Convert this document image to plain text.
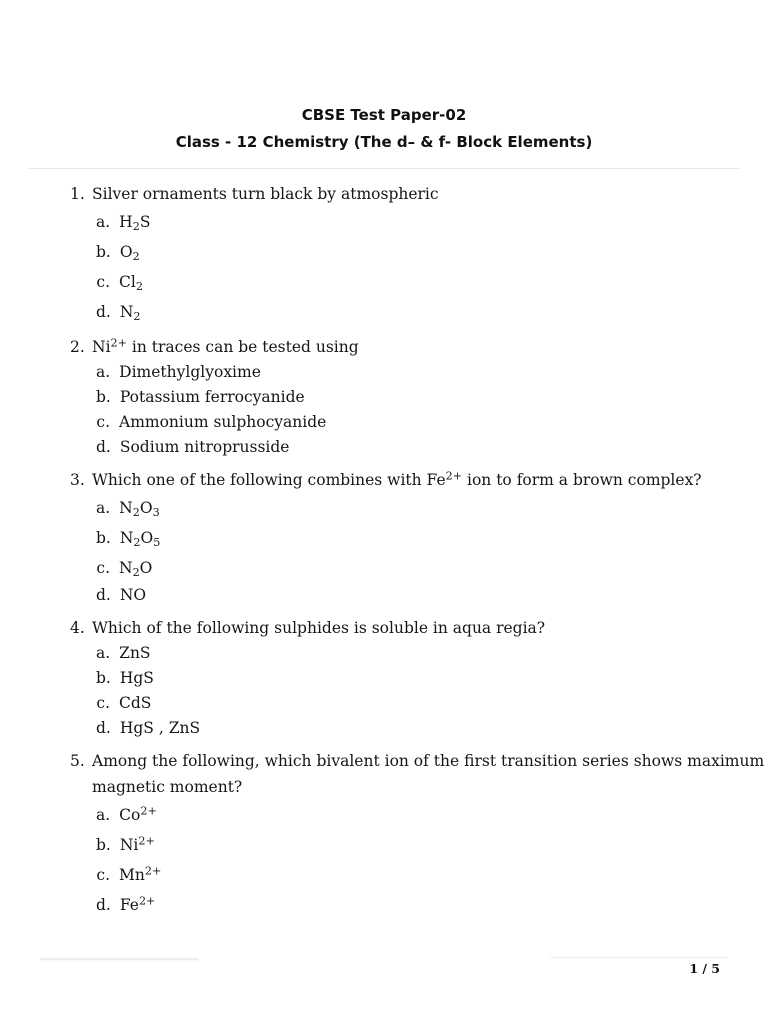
CBSE Test Paper-02
Class - 12 Chemistry (The d– & f- Block Elements)
1. Silver ornaments turn black by atmospheric
a. $H_2S$
b. $O_2$
c. $Cl_2$
d. $N_2$
2. $Ni^{2+}$ in traces can be tested using
a. Dimethylglyoxime
b. Potassium ferrocyanide
c. Ammonium sulphocyanide
d. Sodium nitroprusside
3. Which one of the following combines with $Fe^{2+}$ ion to form a brown complex?
a. $N_2O_3$
b. $N_2O_5$
c. $N_2O$
d. NO
4. Which of the following sulphides is soluble in aqua regia?
a. ZnS
b. HgS
c. CdS
d. HgS , ZnS
5. Among the following, which bivalent ion of the first transition series shows maximum
magnetic moment?
a. $Co^{2+}$
b. $Ni^{2+}$
c. $Mn^{2+}$
d. $Fe^{2+}$
1 / 5
